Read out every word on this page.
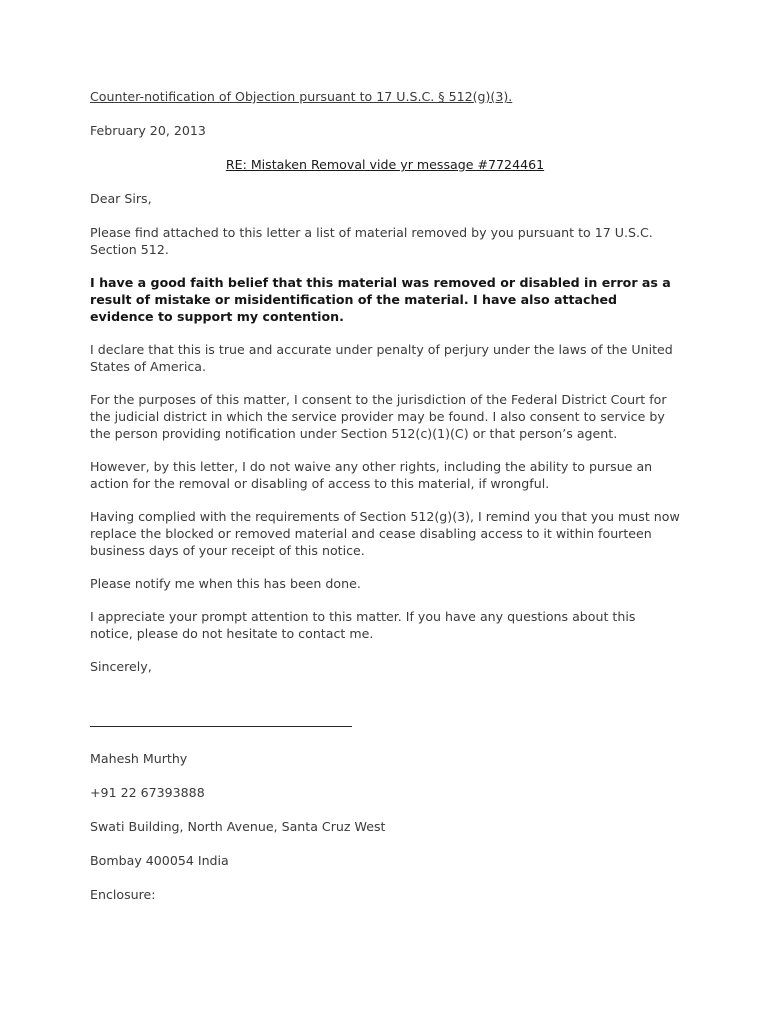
Counter-notification of Objection pursuant to 17 U.S.C. § 512(g)(3).

February 20, 2013

RE: Mistaken Removal vide yr message #7724461

Dear Sirs,

Please find attached to this letter a list of material removed by you pursuant to 17 U.S.C. Section 512.

I have a good faith belief that this material was removed or disabled in error as a result of mistake or misidentification of the material. I have also attached evidence to support my contention.

I declare that this is true and accurate under penalty of perjury under the laws of the United States of America.

For the purposes of this matter, I consent to the jurisdiction of the Federal District Court for the judicial district in which the service provider may be found. I also consent to service by the person providing notification under Section 512(c)(1)(C) or that person’s agent.

However, by this letter, I do not waive any other rights, including the ability to pursue an action for the removal or disabling of access to this material, if wrongful.

Having complied with the requirements of Section 512(g)(3), I remind you that you must now replace the blocked or removed material and cease disabling access to it within fourteen business days of your receipt of this notice.

Please notify me when this has been done.

I appreciate your prompt attention to this matter. If you have any questions about this notice, please do not hesitate to contact me.

Sincerely,

Mahesh Murthy

+91 22 67393888

Swati Building, North Avenue, Santa Cruz West

Bombay 400054 India

Enclosure:
